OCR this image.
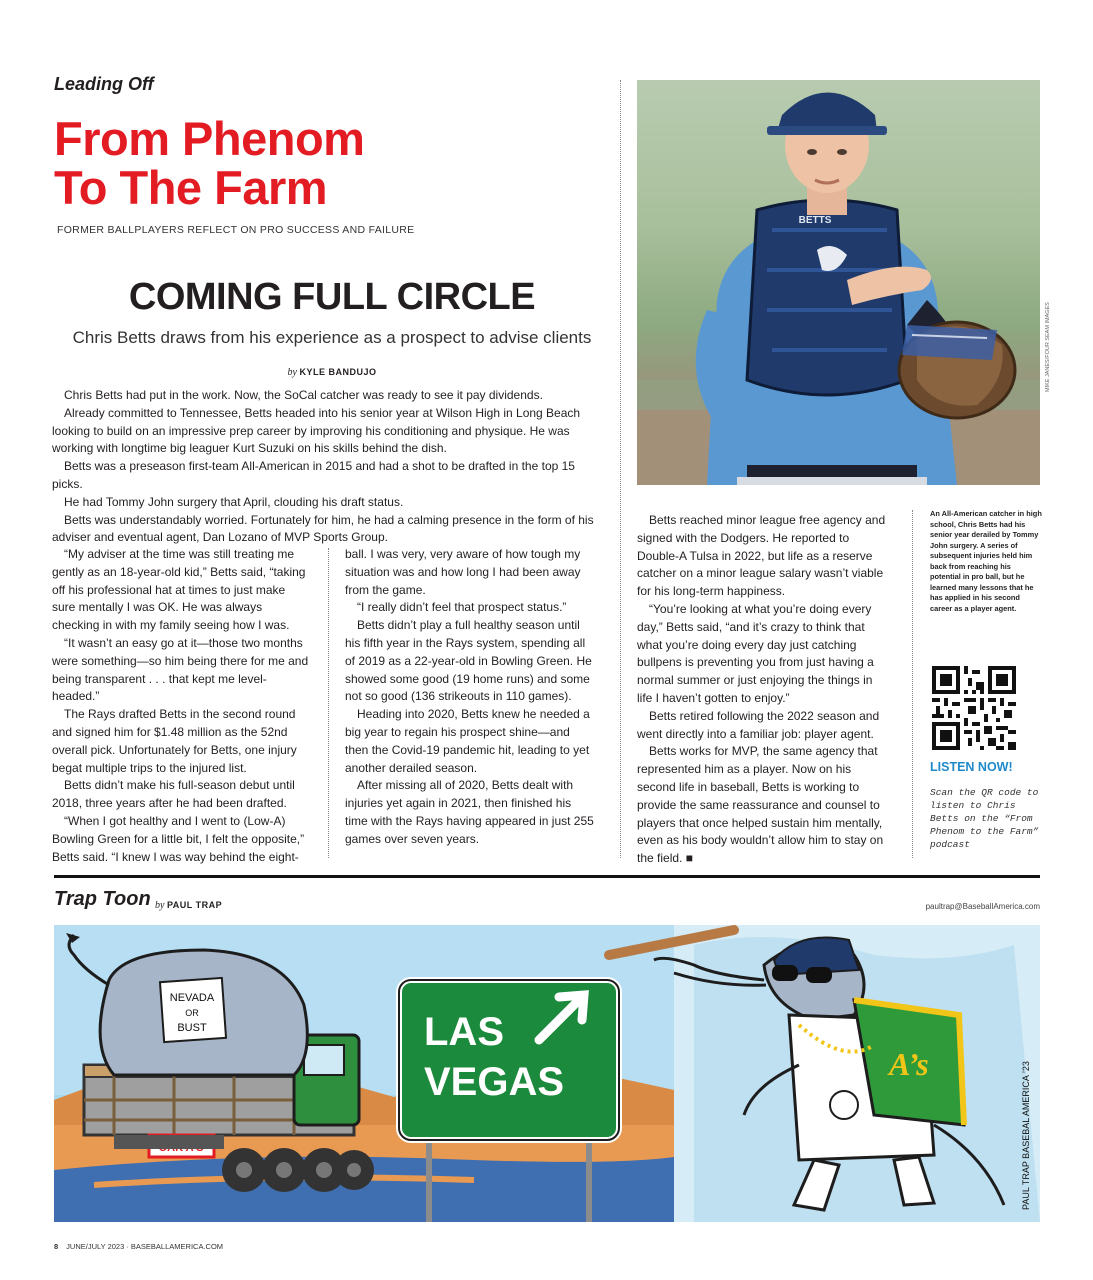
Leading Off
From Phenom
To The Farm
FORMER BALLPLAYERS REFLECT ON PRO SUCCESS AND FAILURE
COMING FULL CIRCLE
Chris Betts draws from his experience as a prospect to advise clients
by KYLE BANDUJO

Chris Betts had put in the work. Now, the SoCal catcher was ready to see it pay dividends.

Already committed to Tennessee, Betts headed into his senior year at Wilson High in Long Beach looking to build on an impressive prep career by improving his conditioning and physique. He was working with longtime big leaguer Kurt Suzuki on his skills behind the dish.

Betts was a preseason first-team All-American in 2015 and had a shot to be drafted in the top 15 picks.

He had Tommy John surgery that April, clouding his draft status.

Betts was understandably worried. Fortunately for him, he had a calming presence in the form of his adviser and eventual agent, Dan Lozano of MVP Sports Group.

“My adviser at the time was still treating me gently as an 18-year-old kid,” Betts said, “taking off his professional hat at times to just make sure mentally I was OK. He was always checking in with my family seeing how I was.

“It wasn’t an easy go at it—those two months were something—so him being there for me and being transparent . . . that kept me level-headed.”

The Rays drafted Betts in the second round and signed him for $1.48 million as the 52nd overall pick. Unfortunately for Betts, one injury begat multiple trips to the injured list.

Betts didn’t make his full-season debut until 2018, three years after he had been drafted.

“When I got healthy and I went to (Low-A) Bowling Green for a little bit, I felt the opposite,” Betts said. “I knew I was way behind the eight-

ball. I was very, very aware of how tough my situation was and how long I had been away from the game.

“I really didn’t feel that prospect status.”

Betts didn’t play a full healthy season until his fifth year in the Rays system, spending all of 2019 as a 22-year-old in Bowling Green. He showed some good (19 home runs) and some not so good (136 strikeouts in 110 games).

Heading into 2020, Betts knew he needed a big year to regain his prospect shine—and then the Covid-19 pandemic hit, leading to yet another derailed season.

After missing all of 2020, Betts dealt with injuries yet again in 2021, then finished his time with the Rays having appeared in just 255 games over seven years.

BETTS
MIKE JANES/FOUR SEAM IMAGES

Betts reached minor league free agency and signed with the Dodgers. He reported to Double-A Tulsa in 2022, but life as a reserve catcher on a minor league salary wasn’t viable for his long-term happiness.

“You’re looking at what you’re doing every day,” Betts said, “and it’s crazy to think that what you’re doing every day just catching bullpens is preventing you from just having a normal summer or just enjoying the things in life I haven’t gotten to enjoy.”

Betts retired following the 2022 season and went directly into a familiar job: player agent.

Betts works for MVP, the same agency that represented him as a player. Now on his second life in baseball, Betts is working to provide the same reassurance and counsel to players that once helped sustain him mentally, even as his body wouldn’t allow him to stay on the field. ■

An All-American catcher in high school, Chris Betts had his senior year derailed by Tommy John surgery. A series of subsequent injuries held him back from reaching his potential in pro ball, but he learned many lessons that he has applied in his second career as a player agent.
LISTEN NOW!
Scan the QR code to listen to Chris Betts on the “From Phenom to the Farm” podcast
Trap Toon by PAUL TRAP	paultrap@BaseballAmerica.com
NEVADA
OR
BUST	LAS
VEGAS	A’s	PAUL TRAP BASEBAL AMERICA ’23
8 JUNE/JULY 2023 · BASEBALLAMERICA.COM
